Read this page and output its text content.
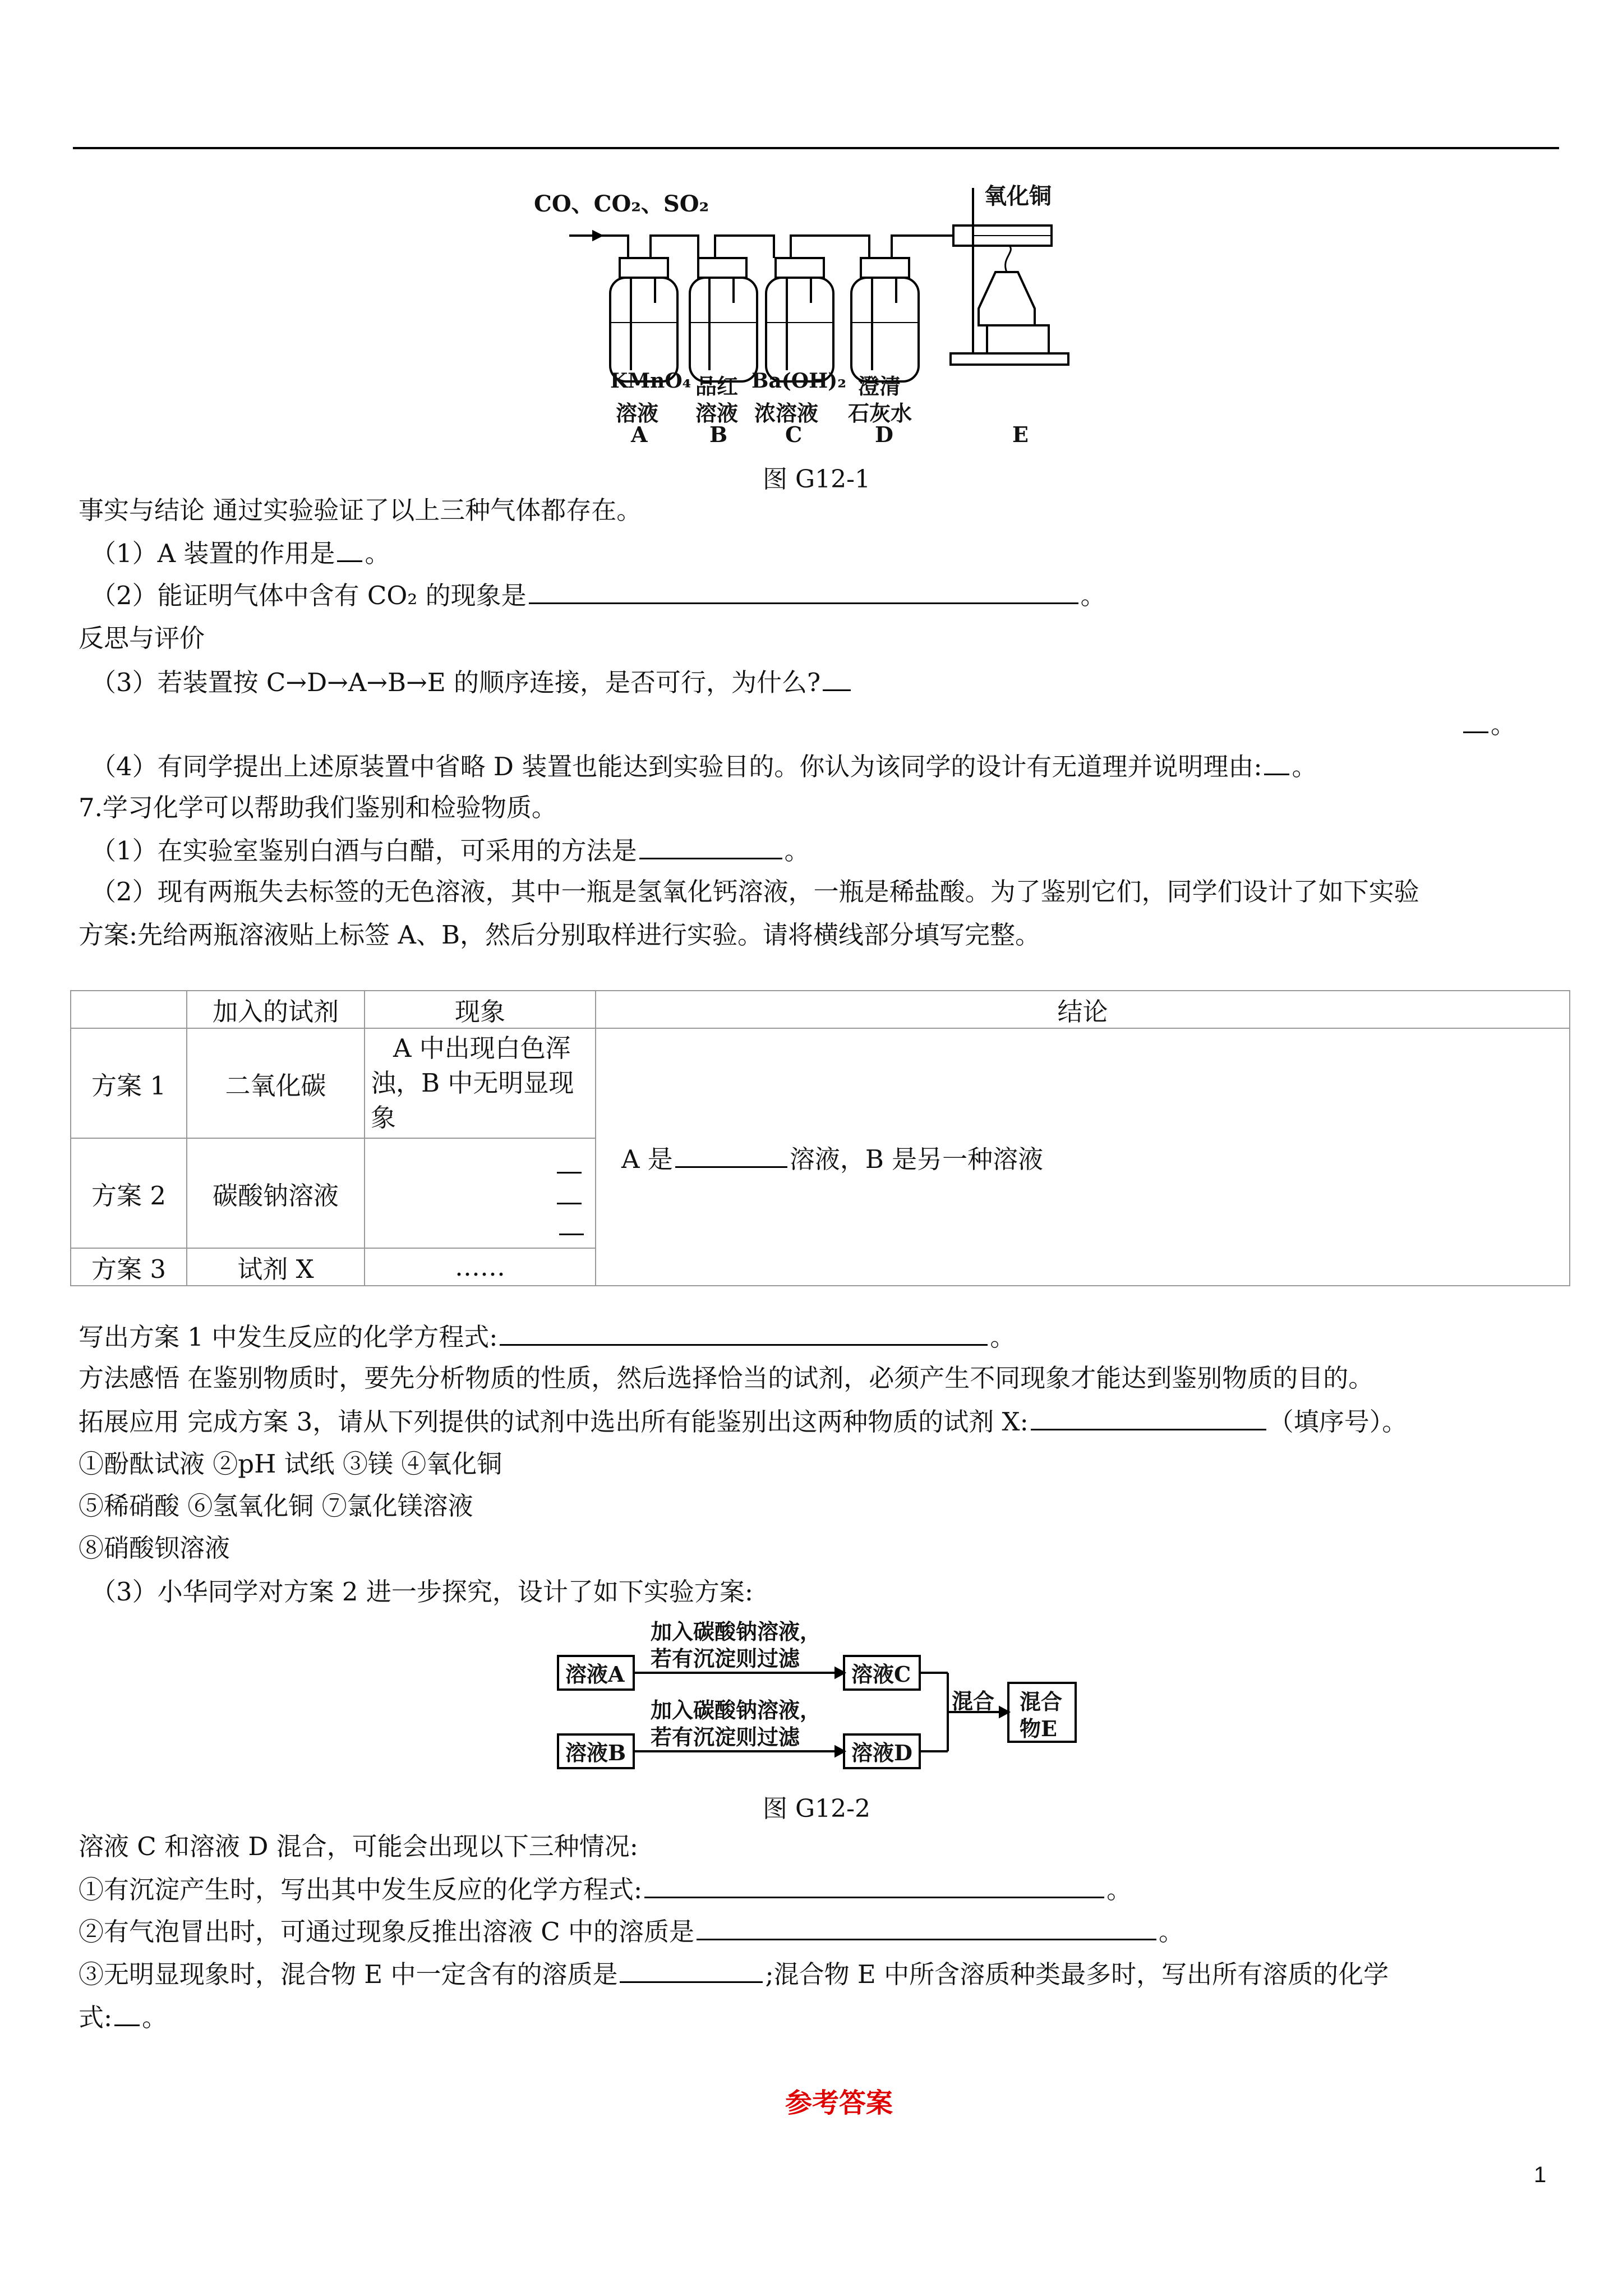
CO、CO₂、SO₂	氧化铜
KMnO₄
溶液
A
品红
溶液
B
Ba(OH)₂
浓溶液
C
澄清
石灰水
D	E
图 G12-1
事实与结论 通过实验验证了以上三种气体都存在。
（1）A 装置的作用是 。
（2）能证明气体中含有 CO₂ 的现象是	。
反思与评价
（3）若装置按 C→D→A→B→E 的顺序连接，是否可行，为什么?
。
（4）有同学提出上述原装置中省略 D 装置也能达到实验目的。你认为该同学的设计有无道理并说明理由: 。
7.学习化学可以帮助我们鉴别和检验物质。
（1）在实验室鉴别白酒与白醋，可采用的方法是	。
（2）现有两瓶失去标签的无色溶液，其中一瓶是氢氧化钙溶液，一瓶是稀盐酸。为了鉴别它们，同学们设计了如下实验
方案:先给两瓶溶液贴上标签 A、B，然后分别取样进行实验。请将横线部分填写完整。
	加入的试剂	现象	结论
方案 1	二氧化碳	A 中出现白色浑浊，B 中无明显现象	A 是 溶液，B 是另一种溶液
方案 2	碳酸钠溶液		

方案 3	试剂 X	……	
写出方案 1 中发生反应的化学方程式:	。
方法感悟 在鉴别物质时，要先分析物质的性质，然后选择恰当的试剂，必须产生不同现象才能达到鉴别物质的目的。
拓展应用 完成方案 3，请从下列提供的试剂中选出所有能鉴别出这两种物质的试剂 X:	（填序号）。
①酚酞试液 ②pH 试纸 ③镁 ④氧化铜
⑤稀硝酸 ⑥氢氧化铜 ⑦氯化镁溶液
⑧硝酸钡溶液
（3）小华同学对方案 2 进一步探究，设计了如下实验方案:
溶液A
溶液B
溶液C
溶液D
加入碳酸钠溶液，
若有沉淀则过滤
加入碳酸钠溶液，
若有沉淀则过滤
混合 混合
物E
图 G12-2
溶液 C 和溶液 D 混合，可能会出现以下三种情况:
①有沉淀产生时，写出其中发生反应的化学方程式:	。
②有气泡冒出时，可通过现象反推出溶液 C 中的溶质是	。
③无明显现象时，混合物 E 中一定含有的溶质是	;混合物 E 中所含溶质种类最多时，写出所有溶质的化学
式: 。
参考答案
1
